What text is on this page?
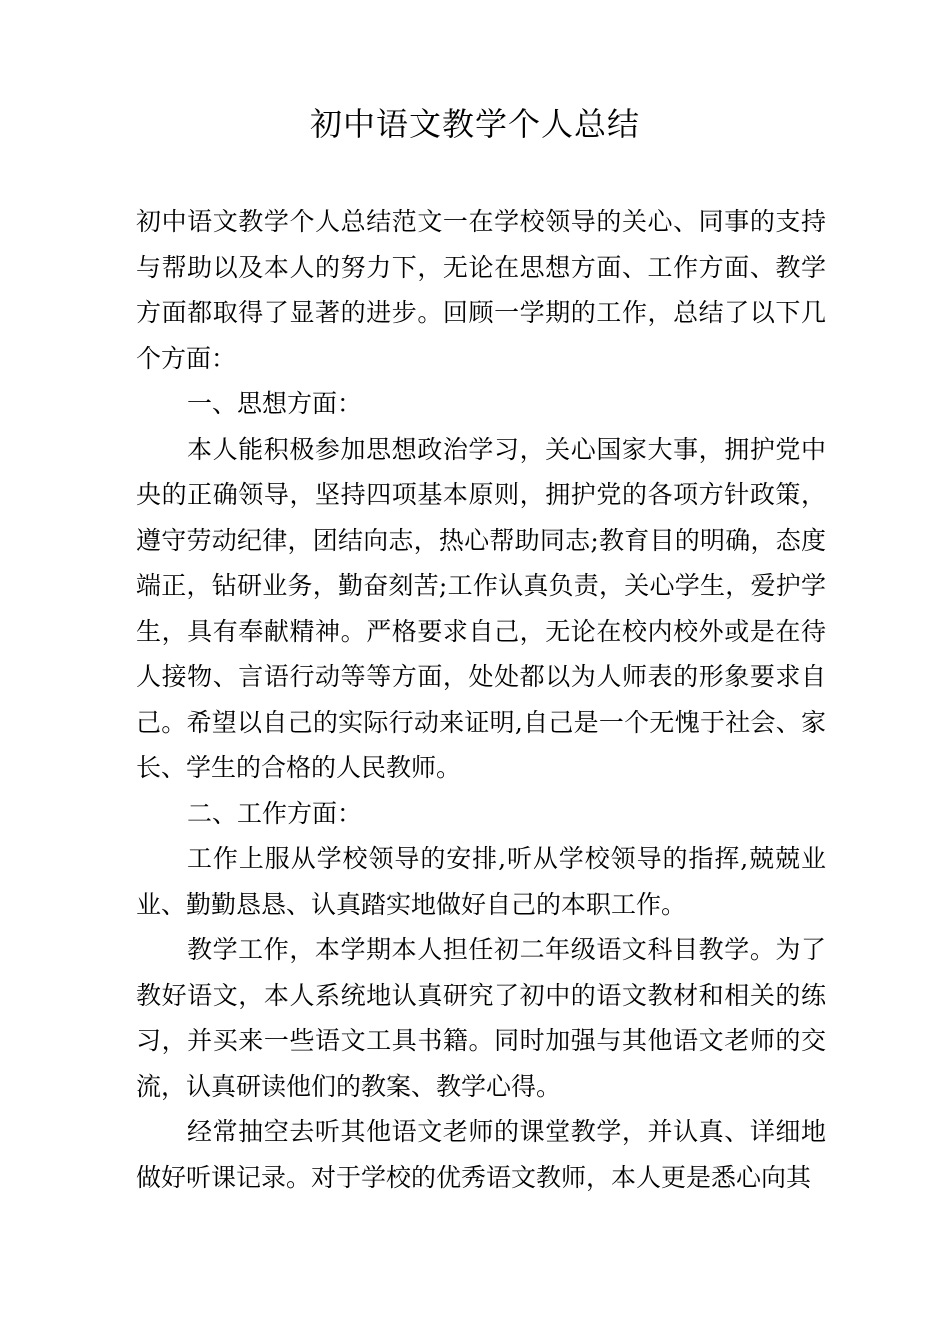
初中语文教学个人总结

初中语文教学个人总结范文一在学校领导的关心、同事的支持与帮助以及本人的努力下，无论在思想方面、工作方面、教学方面都取得了显著的进步。回顾一学期的工作，总结了以下几个方面：

一、思想方面：

本人能积极参加思想政治学习，关心国家大事，拥护党中央的正确领导，坚持四项基本原则，拥护党的各项方针政策，遵守劳动纪律，团结向志，热心帮助同志;教育目的明确，态度端正，钻研业务，勤奋刻苦;工作认真负责，关心学生，爱护学生，具有奉献精神。严格要求自己，无论在校内校外或是在待人接物、言语行动等等方面，处处都以为人师表的形象要求自己。希望以自己的实际行动来证明,自己是一个无愧于社会、家长、学生的合格的人民教师。

二、工作方面：

工作上服从学校领导的安排,听从学校领导的指挥,兢兢业业、勤勤恳恳、认真踏实地做好自己的本职工作。

教学工作，本学期本人担任初二年级语文科目教学。为了教好语文，本人系统地认真研究了初中的语文教材和相关的练习，并买来一些语文工具书籍。同时加强与其他语文老师的交流，认真研读他们的教案、教学心得。

经常抽空去听其他语文老师的课堂教学，并认真、详细地做好听课记录。对于学校的优秀语文教师，本人更是悉心向其
